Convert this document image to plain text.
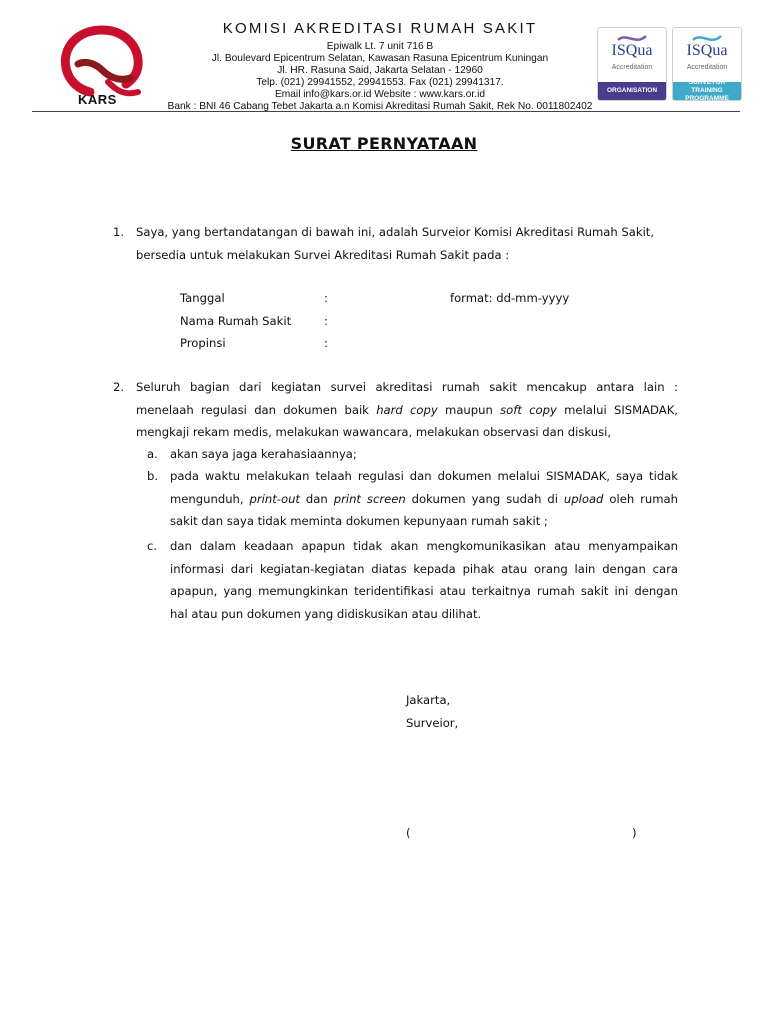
KARS
KOMISI AKREDITASI RUMAH SAKIT
Epiwalk Lt. 7 unit 716 B
Jl. Boulevard Epicentrum Selatan, Kawasan Rasuna Epicentrum Kuningan
Jl. HR. Rasuna Said, Jakarta Selatan - 12960
Telp. (021) 29941552, 29941553. Fax (021) 29941317.
Email info@kars.or.id Website : www.kars.or.id
Bank : BNI 46 Cabang Tebet Jakarta a.n Komisi Akreditasi Rumah Sakit, Rek No. 0011802402
ISQua
Accreditation
ORGANISATION
ISQua
Accreditation
SURVEYOR TRAINING PROGRAMME
SURAT PERNYATAAN
1. Saya, yang bertandatangan di bawah ini, adalah Surveior Komisi Akreditasi Rumah Sakit,
bersedia untuk melakukan Survei Akreditasi Rumah Sakit pada :
Tanggal	:	format: dd-mm-yyyy
Nama Rumah Sakit	:
Propinsi	:
2. Seluruh bagian dari kegiatan survei akreditasi rumah sakit mencakup antara lain :
menelaah regulasi dan dokumen baik hard copy maupun soft copy melalui SISMADAK,
mengkaji rekam medis, melakukan wawancara, melakukan observasi dan diskusi,
a. akan saya jaga kerahasiaannya;
b. pada waktu melakukan telaah regulasi dan dokumen melalui SISMADAK, saya tidak
mengunduh, print-out dan print screen dokumen yang sudah di upload oleh rumah
sakit dan saya tidak meminta dokumen kepunyaan rumah sakit ;
c. dan dalam keadaan apapun tidak akan mengkomunikasikan atau menyampaikan
informasi dari kegiatan-kegiatan diatas kepada pihak atau orang lain dengan cara
apapun, yang memungkinkan teridentifikasi atau terkaitnya rumah sakit ini dengan
hal atau pun dokumen yang didiskusikan atau dilihat.
Jakarta,
Surveior,
(	)
